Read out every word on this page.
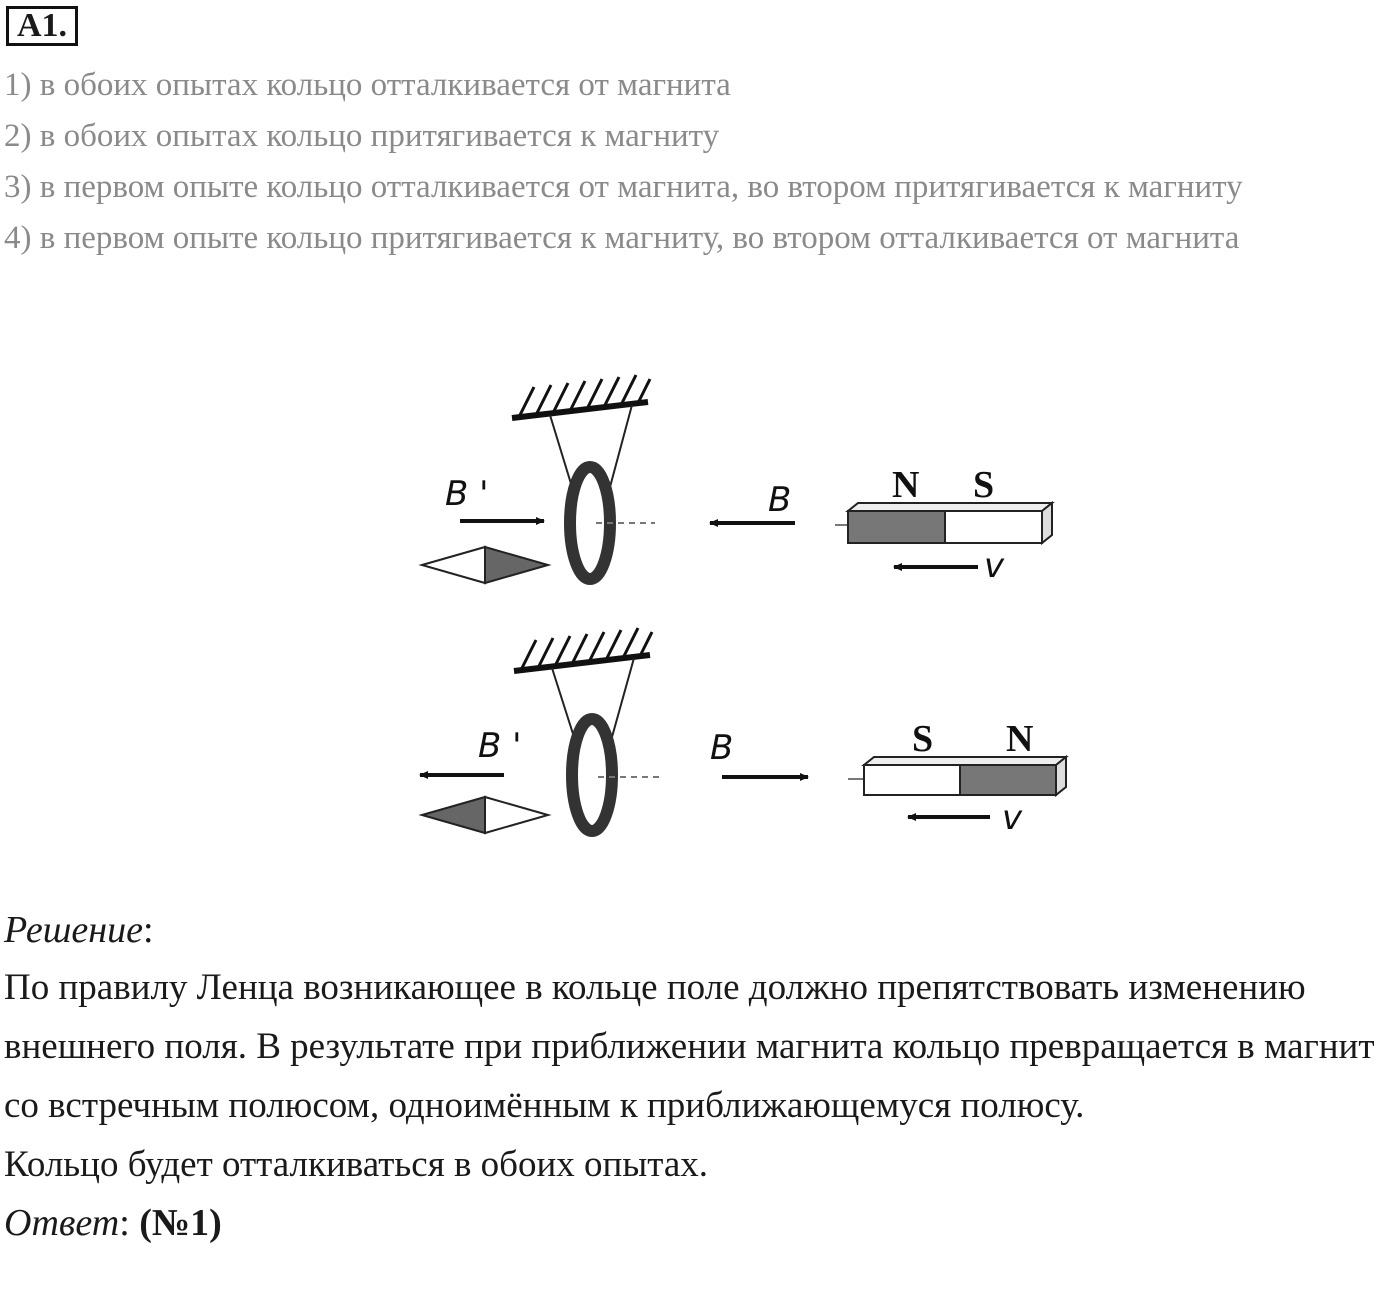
А1.
1) в обоих опытах кольцо отталкивается от магнита
2) в обоих опытах кольцо притягивается к магниту
3) в первом опыте кольцо отталкивается от магнита, во втором притягивается к магниту
4) в первом опыте кольцо притягивается к магниту, во втором отталкивается от магнита
B '	B	N S
v
B '	B	S N
v
Решение:

По правилу Ленца возникающее в кольце поле должно препятствовать изменению внешнего поля. В результате при приближении магнита кольцо превращается в магнит со встречным полюсом, одноимённым к приближающемуся полюсу.

Кольцо будет отталкиваться в обоих опытах.

Ответ: (№1)
